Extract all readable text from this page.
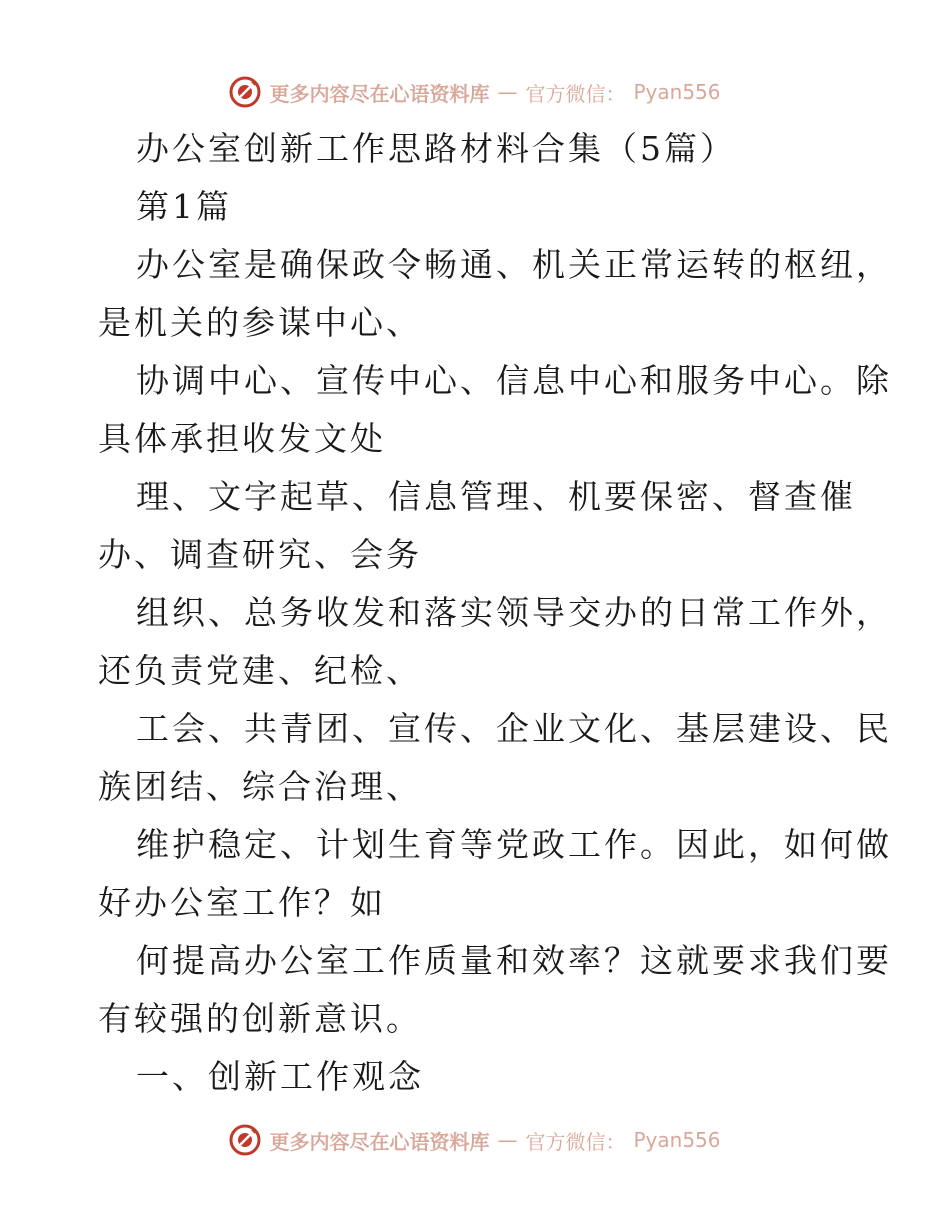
更多内容尽在心语资料库 — 官方微信： Pyan556
办公室创新工作思路材料合集（5篇）
第1篇
办公室是确保政令畅通、机关正常运转的枢纽，
是机关的参谋中心、
协调中心、宣传中心、信息中心和服务中心。除
具体承担收发文处
理、文字起草、信息管理、机要保密、督查催
办、调查研究、会务
组织、总务收发和落实领导交办的日常工作外，
还负责党建、纪检、
工会、共青团、宣传、企业文化、基层建设、民
族团结、综合治理、
维护稳定、计划生育等党政工作。因此，如何做
好办公室工作？如
何提高办公室工作质量和效率？这就要求我们要
有较强的创新意识。
一、创新工作观念
更多内容尽在心语资料库 — 官方微信： Pyan556
